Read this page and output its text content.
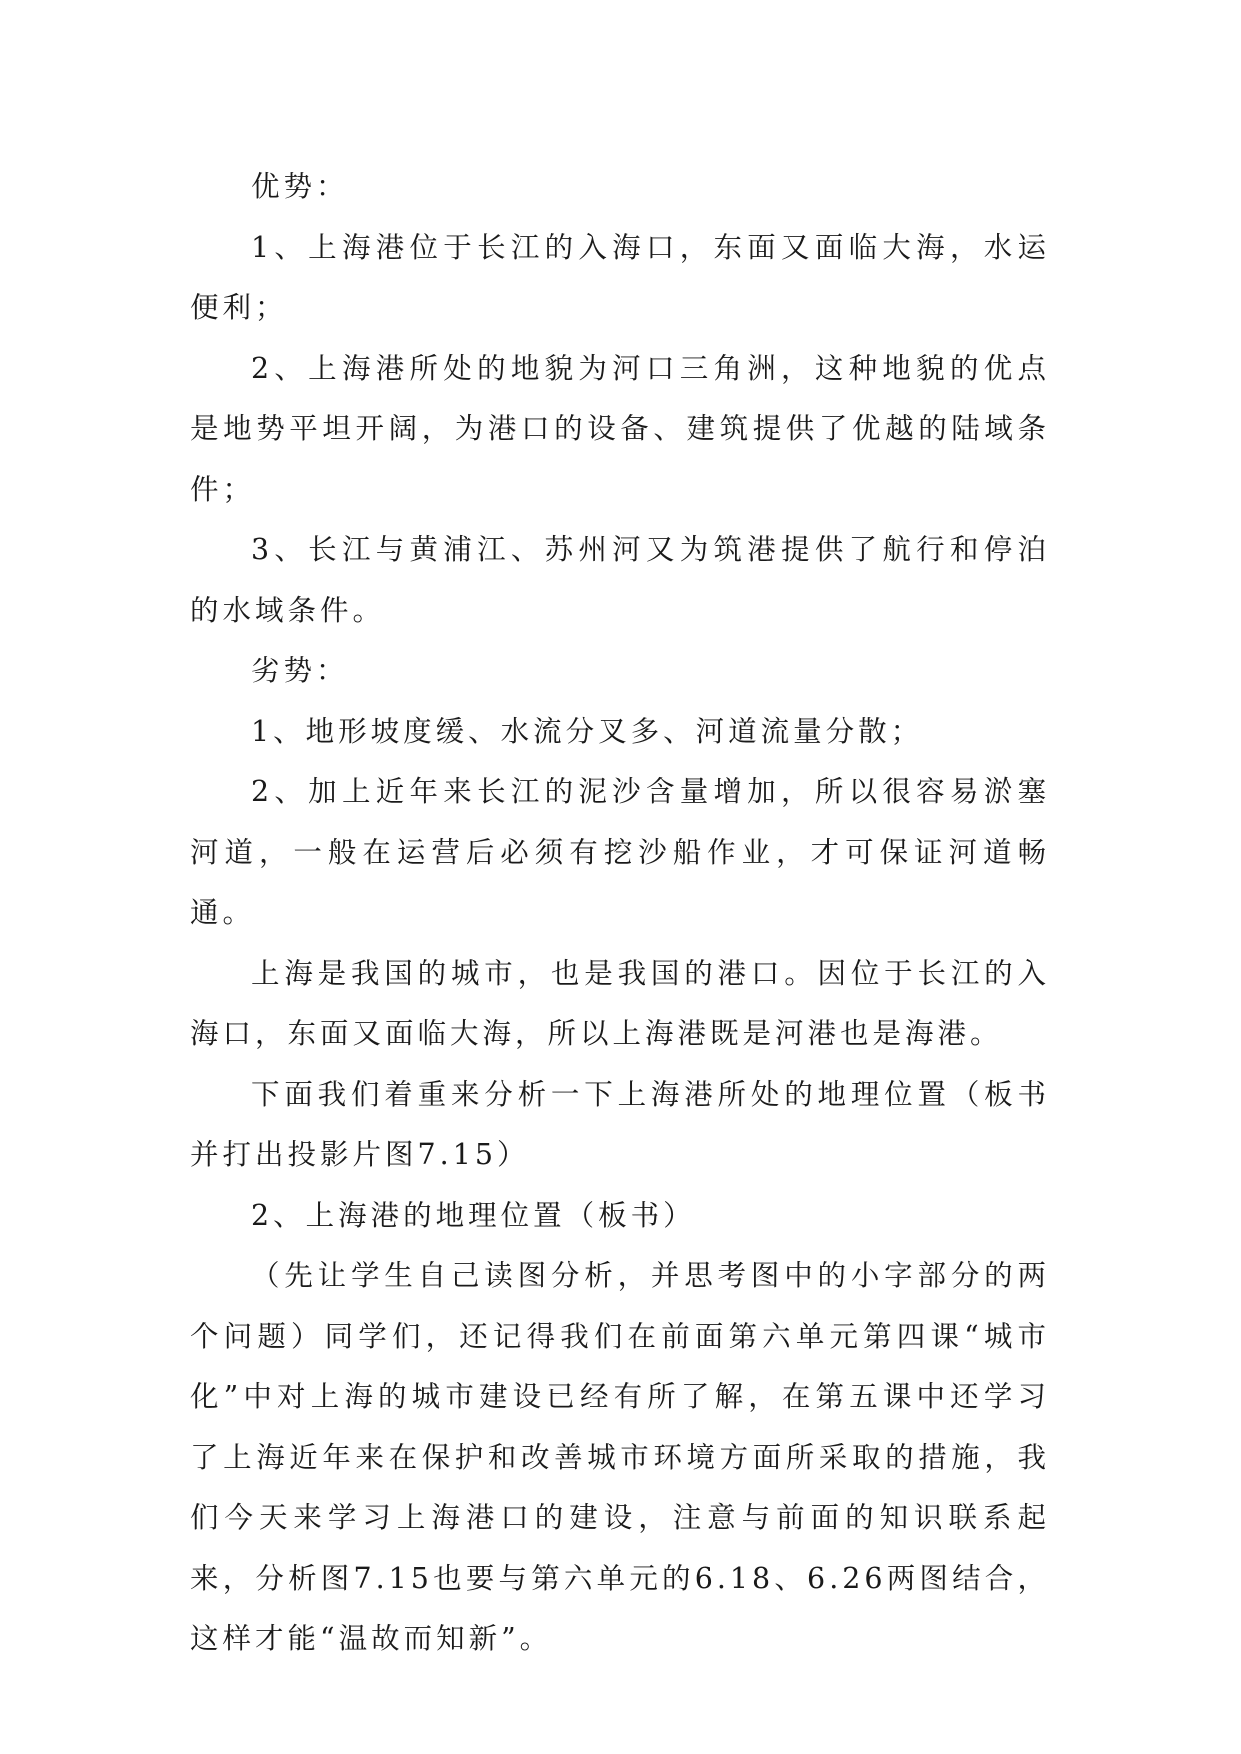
优势：

1、上海港位于长江的入海口，东面又面临大海，水运便利；

2、上海港所处的地貌为河口三角洲，这种地貌的优点是地势平坦开阔，为港口的设备、建筑提供了优越的陆域条件；

3、长江与黄浦江、苏州河又为筑港提供了航行和停泊的水域条件。

劣势：

1、地形坡度缓、水流分叉多、河道流量分散；

2、加上近年来长江的泥沙含量增加，所以很容易淤塞河道，一般在运营后必须有挖沙船作业，才可保证河道畅通。

上海是我国的城市，也是我国的港口。因位于长江的入海口，东面又面临大海，所以上海港既是河港也是海港。

下面我们着重来分析一下上海港所处的地理位置（板书并打出投影片图7.15）

2、上海港的地理位置（板书）

（先让学生自己读图分析，并思考图中的小字部分的两个问题）同学们，还记得我们在前面第六单元第四课“城市化”中对上海的城市建设已经有所了解，在第五课中还学习了上海近年来在保护和改善城市环境方面所采取的措施，我们今天来学习上海港口的建设，注意与前面的知识联系起来，分析图7.15也要与第六单元的6.18、6.26两图结合，这样才能“温故而知新”。
